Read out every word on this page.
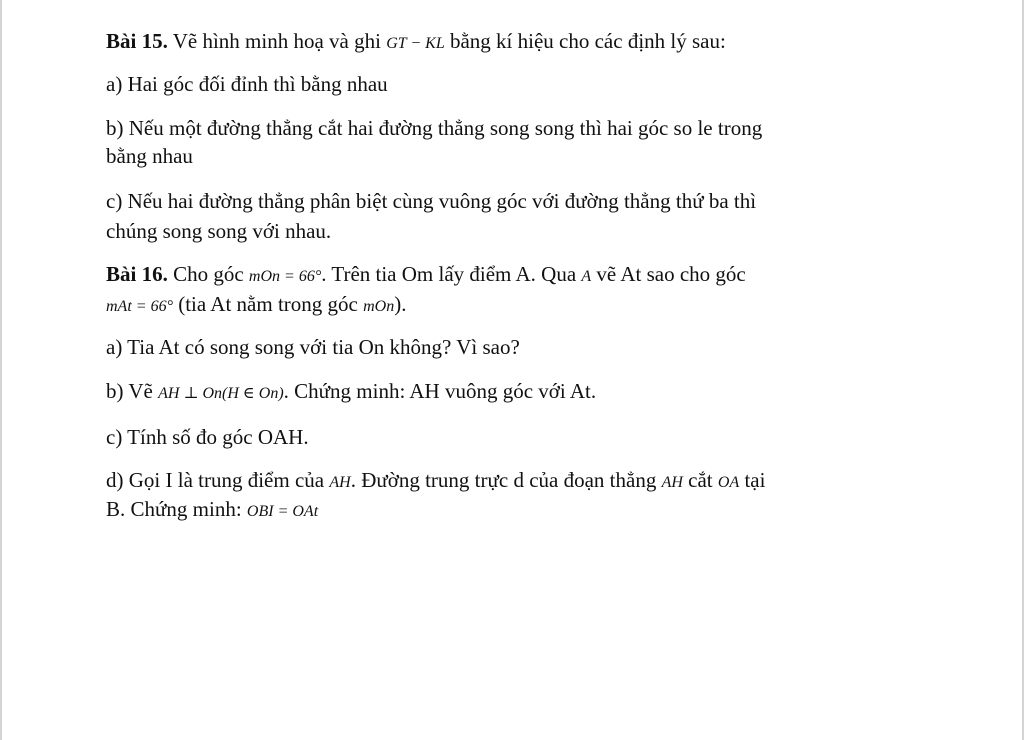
Bài 15. Vẽ hình minh hoạ và ghi GT − KL bằng kí hiệu cho các định lý sau:
a) Hai góc đối đỉnh thì bằng nhau
b) Nếu một đường thẳng cắt hai đường thẳng song song thì hai góc so le trong
bằng nhau
c) Nếu hai đường thẳng phân biệt cùng vuông góc với đường thẳng thứ ba thì
chúng song song với nhau.
Bài 16. Cho góc mOn = 66°. Trên tia Om lấy điểm A. Qua A vẽ At sao cho góc
mAt = 66° (tia At nằm trong góc mOn).
a) Tia At có song song với tia On không? Vì sao?
b) Vẽ AH ⊥ On(H ∈ On). Chứng minh: AH vuông góc với At.
c) Tính số đo góc OAH.
d) Gọi I là trung điểm của AH. Đường trung trực d của đoạn thẳng AH cắt OA tại
B. Chứng minh: OBI = OAt
